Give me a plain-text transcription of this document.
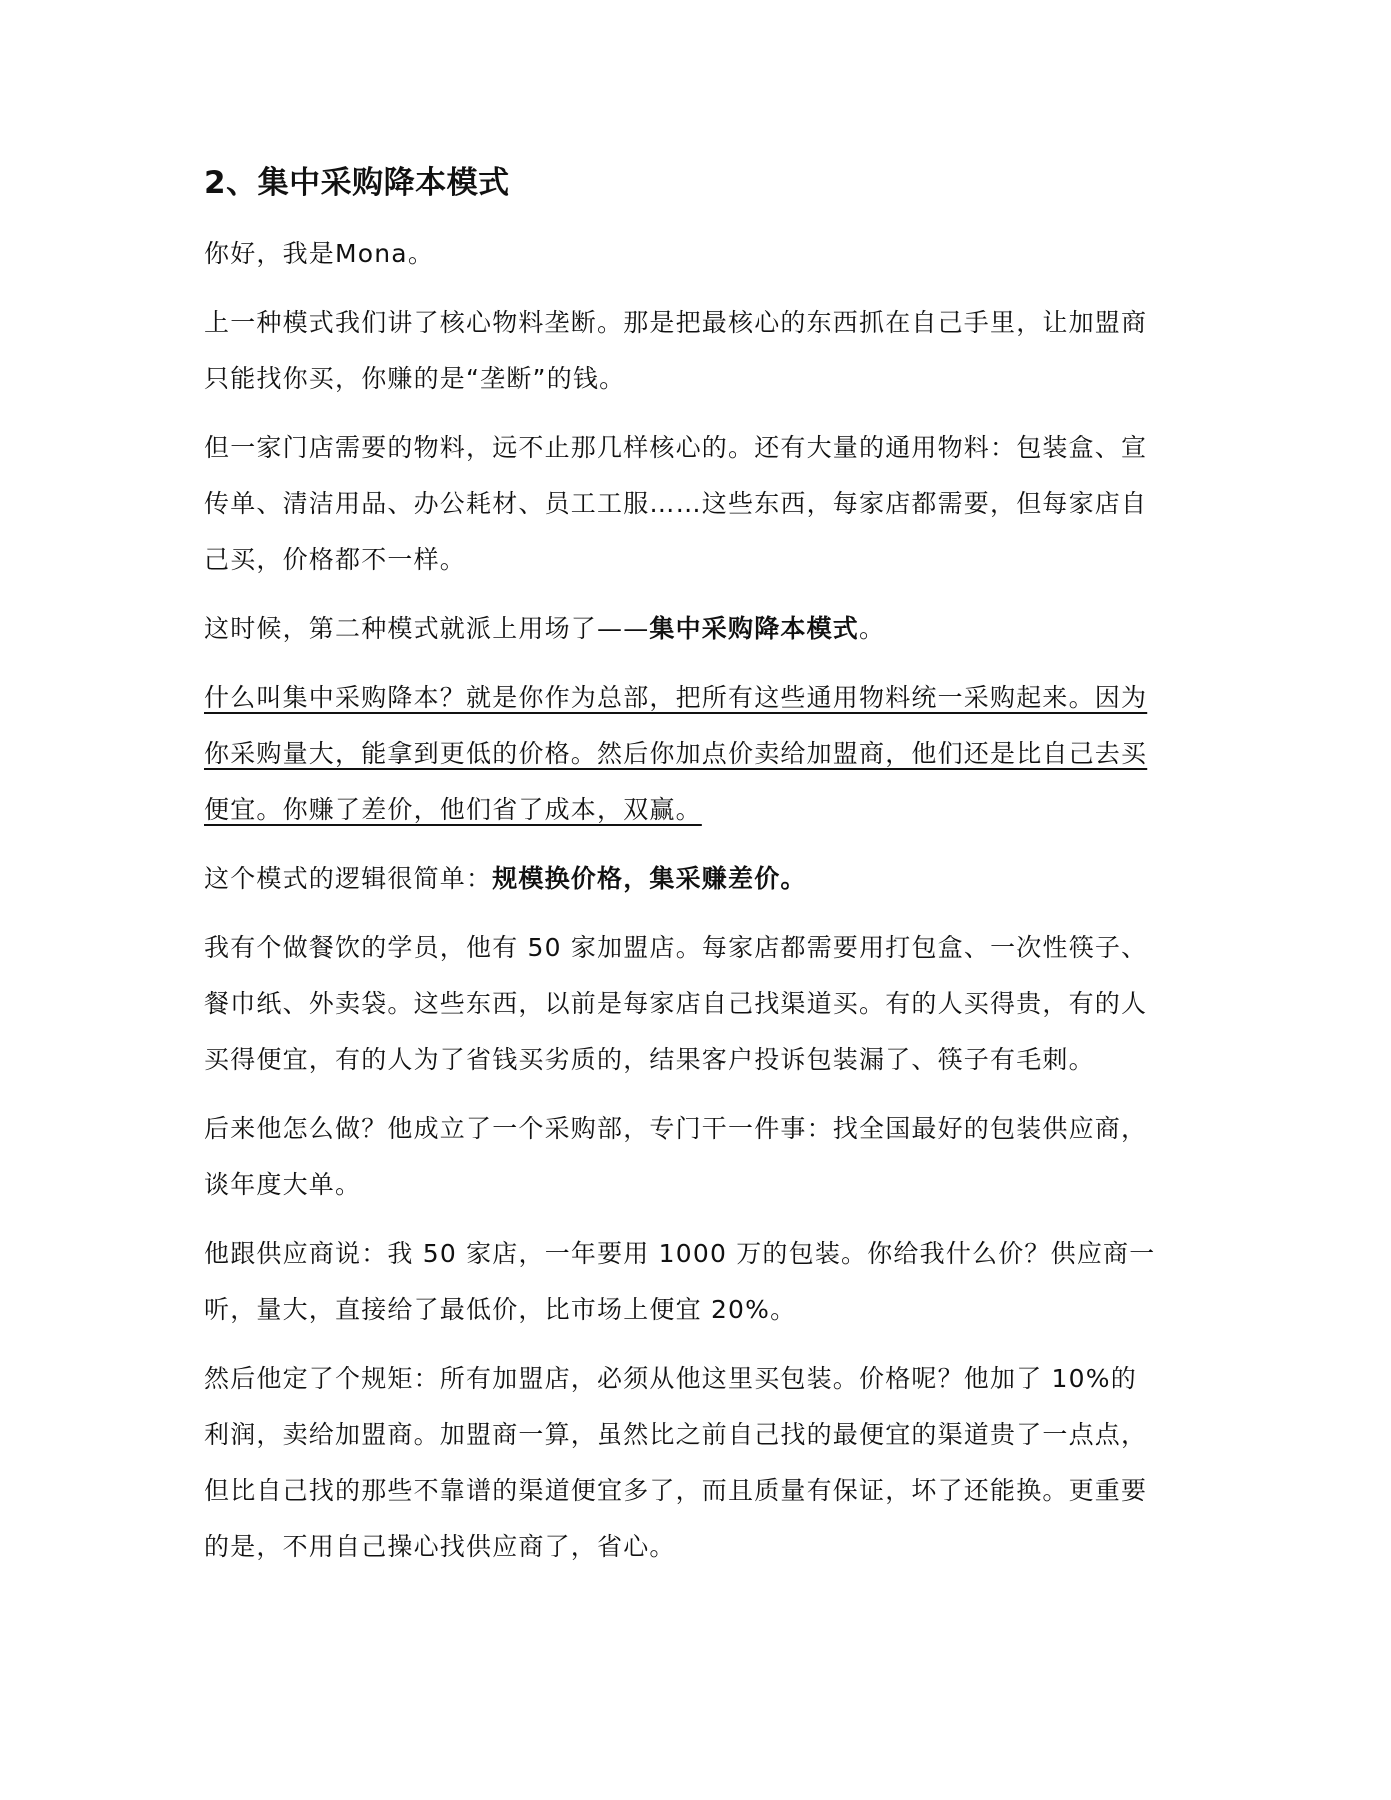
2、集中采购降本模式
你好，我是Mona。
上一种模式我们讲了核心物料垄断。那是把最核心的东西抓在自己手里，让加盟商
只能找你买，你赚的是“垄断”的钱。
但一家门店需要的物料，远不止那几样核心的。还有大量的通用物料：包装盒、宣
传单、清洁用品、办公耗材、员工工服……这些东西，每家店都需要，但每家店自
己买，价格都不一样。
这时候，第二种模式就派上用场了——集中采购降本模式。
什么叫集中采购降本？就是你作为总部，把所有这些通用物料统一采购起来。因为
你采购量大，能拿到更低的价格。然后你加点价卖给加盟商，他们还是比自己去买
便宜。你赚了差价，他们省了成本，双赢。
这个模式的逻辑很简单：规模换价格，集采赚差价。
我有个做餐饮的学员，他有 50 家加盟店。每家店都需要用打包盒、一次性筷子、
餐巾纸、外卖袋。这些东西，以前是每家店自己找渠道买。有的人买得贵，有的人
买得便宜，有的人为了省钱买劣质的，结果客户投诉包装漏了、筷子有毛刺。
后来他怎么做？他成立了一个采购部，专门干一件事：找全国最好的包装供应商，
谈年度大单。
他跟供应商说：我 50 家店，一年要用 1000 万的包装。你给我什么价？供应商一
听，量大，直接给了最低价，比市场上便宜 20%。
然后他定了个规矩：所有加盟店，必须从他这里买包装。价格呢？他加了 10%的
利润，卖给加盟商。加盟商一算，虽然比之前自己找的最便宜的渠道贵了一点点，
但比自己找的那些不靠谱的渠道便宜多了，而且质量有保证，坏了还能换。更重要
的是，不用自己操心找供应商了，省心。
